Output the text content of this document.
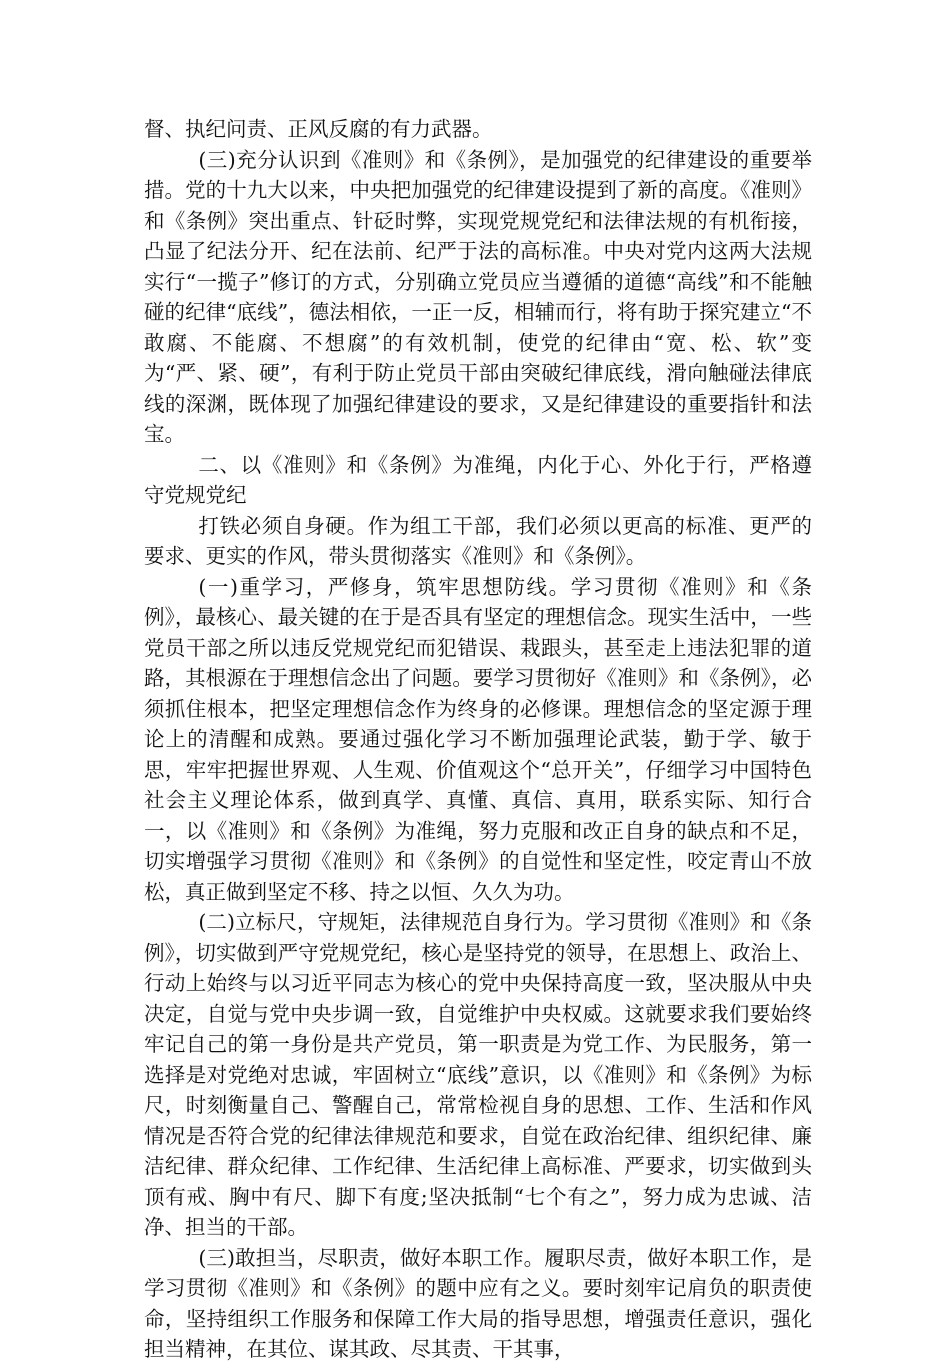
督、执纪问责、正风反腐的有力武器。

(三)充分认识到《准则》和《条例》，是加强党的纪律建设的重要举措。党的十九大以来，中央把加强党的纪律建设提到了新的高度。《准则》和《条例》突出重点、针砭时弊，实现党规党纪和法律法规的有机衔接，凸显了纪法分开、纪在法前、纪严于法的高标准。中央对党内这两大法规实行“一揽子”修订的方式，分别确立党员应当遵循的道德“高线”和不能触碰的纪律“底线”，德法相依，一正一反，相辅而行，将有助于探究建立“不敢腐、不能腐、不想腐”的有效机制，使党的纪律由“宽、松、软”变为“严、紧、硬”，有利于防止党员干部由突破纪律底线，滑向触碰法律底线的深渊，既体现了加强纪律建设的要求，又是纪律建设的重要指针和法宝。

二、以《准则》和《条例》为准绳，内化于心、外化于行，严格遵守党规党纪

打铁必须自身硬。作为组工干部，我们必须以更高的标准、更严的要求、更实的作风，带头贯彻落实《准则》和《条例》。

(一)重学习，严修身，筑牢思想防线。学习贯彻《准则》和《条例》，最核心、最关键的在于是否具有坚定的理想信念。现实生活中，一些党员干部之所以违反党规党纪而犯错误、栽跟头，甚至走上违法犯罪的道路，其根源在于理想信念出了问题。要学习贯彻好《准则》和《条例》，必须抓住根本，把坚定理想信念作为终身的必修课。理想信念的坚定源于理论上的清醒和成熟。要通过强化学习不断加强理论武装，勤于学、敏于思，牢牢把握世界观、人生观、价值观这个“总开关”，仔细学习中国特色社会主义理论体系，做到真学、真懂、真信、真用，联系实际、知行合一，以《准则》和《条例》为准绳，努力克服和改正自身的缺点和不足，切实增强学习贯彻《准则》和《条例》的自觉性和坚定性，咬定青山不放松，真正做到坚定不移、持之以恒、久久为功。

(二)立标尺，守规矩，法律规范自身行为。学习贯彻《准则》和《条例》，切实做到严守党规党纪，核心是坚持党的领导，在思想上、政治上、行动上始终与以习近平同志为核心的党中央保持高度一致，坚决服从中央决定，自觉与党中央步调一致，自觉维护中央权威。这就要求我们要始终牢记自己的第一身份是共产党员，第一职责是为党工作、为民服务，第一选择是对党绝对忠诚，牢固树立“底线”意识，以《准则》和《条例》为标尺，时刻衡量自己、警醒自己，常常检视自身的思想、工作、生活和作风情况是否符合党的纪律法律规范和要求，自觉在政治纪律、组织纪律、廉洁纪律、群众纪律、工作纪律、生活纪律上高标准、严要求，切实做到头顶有戒、胸中有尺、脚下有度;坚决抵制“七个有之”，努力成为忠诚、洁净、担当的干部。

(三)敢担当，尽职责，做好本职工作。履职尽责，做好本职工作，是学习贯彻《准则》和《条例》的题中应有之义。要时刻牢记肩负的职责使命，坚持组织工作服务和保障工作大局的指导思想，增强责任意识，强化担当精神，在其位、谋其政、尽其责、干其事，
